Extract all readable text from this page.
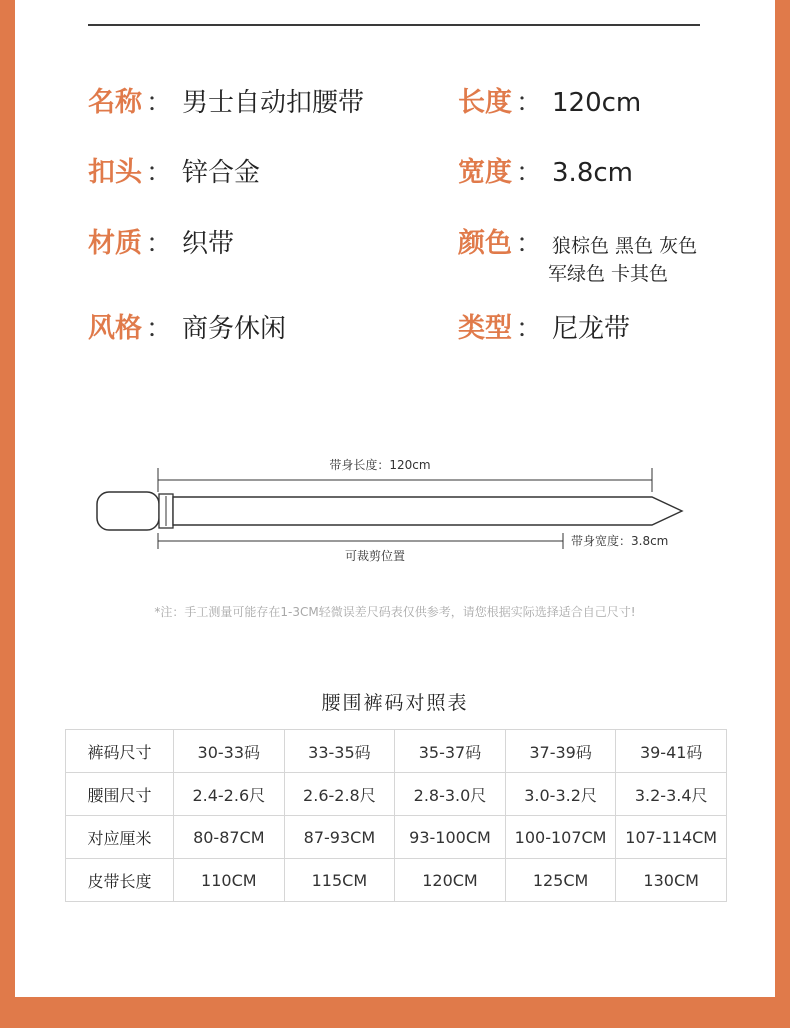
名称 ： 男士自动扣腰带	长度 ： 120cm
扣头 ： 锌合金	宽度 ： 3.8cm
材质 ： 织带	颜色 ： 狼棕色 黑色 灰色
军绿色 卡其色
风格 ： 商务休闲	类型 ： 尼龙带
带身长度：120cm
可裁剪位置
带身宽度：3.8cm
*注：手工测量可能存在1-3CM轻微误差尺码表仅供参考，请您根据实际选择适合自己尺寸!
腰围裤码对照表
裤码尺寸	30-33码	33-35码	35-37码	37-39码	39-41码
腰围尺寸	2.4-2.6尺	2.6-2.8尺	2.8-3.0尺	3.0-3.2尺	3.2-3.4尺
对应厘米	80-87CM	87-93CM	93-100CM	100-107CM	107-114CM
皮带长度	110CM	115CM	120CM	125CM	130CM
